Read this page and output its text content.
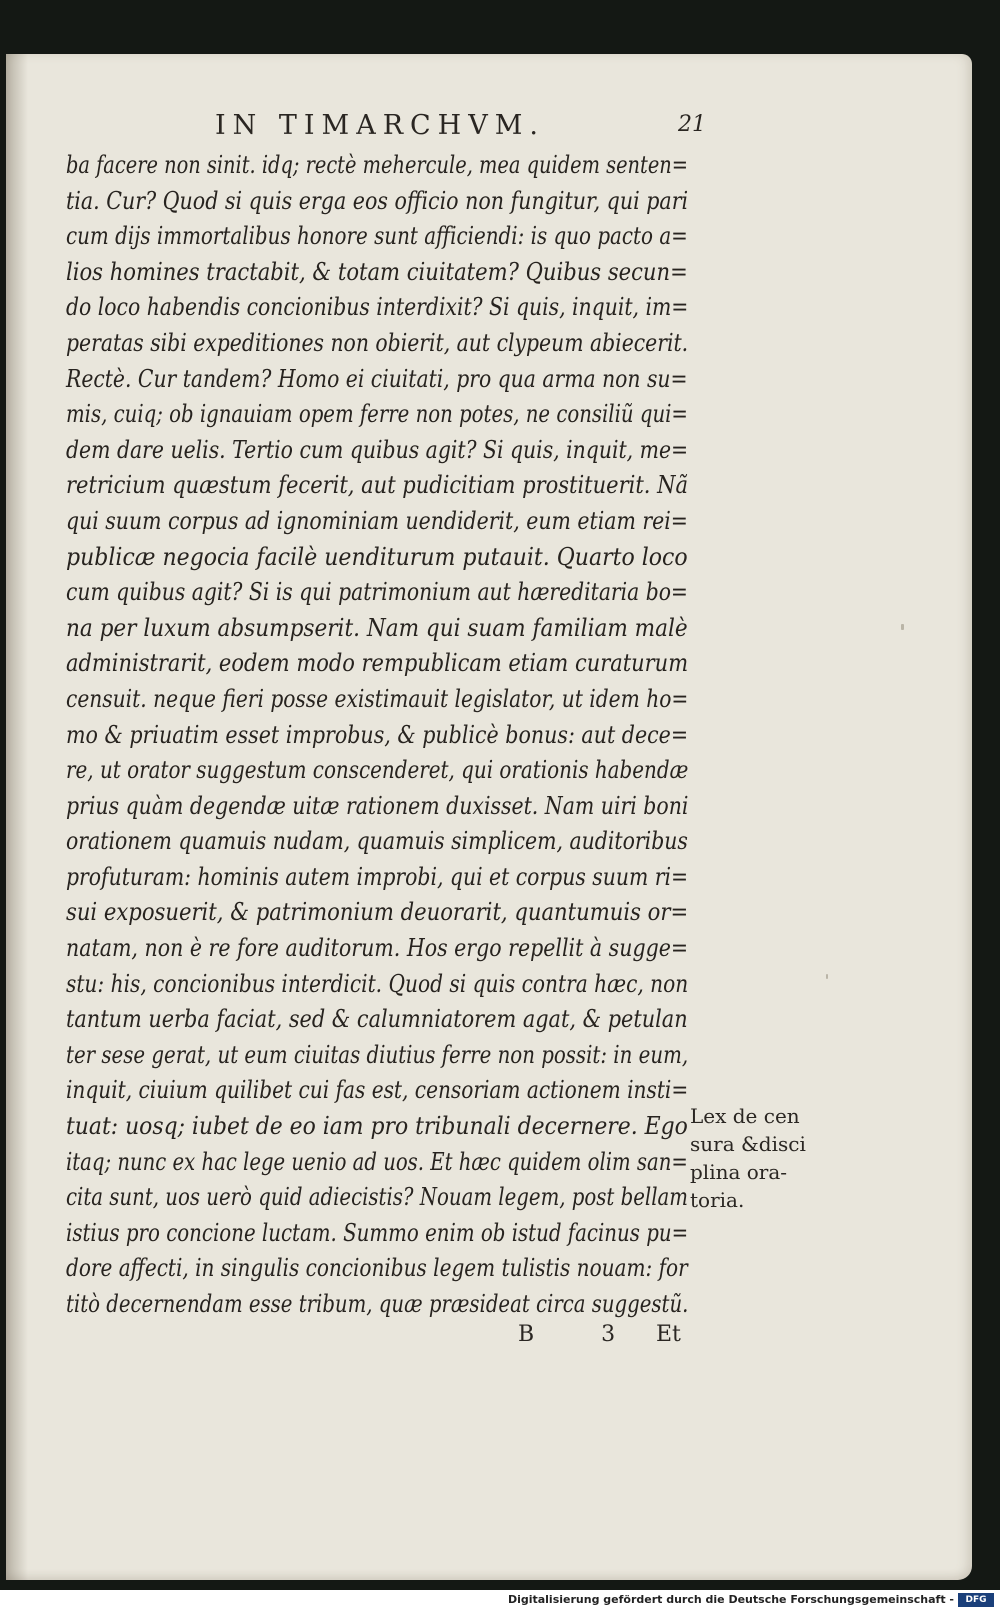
IN TIMARCHVM.	21
ba facere non sinit. idq; rectè mehercule, mea quidem senten=
tia. Cur? Quod si quis erga eos officio non fungitur, qui pari
cum dijs immortalibus honore sunt afficiendi: is quo pacto a=
lios homines tractabit, & totam ciuitatem? Quibus secun=
do loco habendis concionibus interdixit? Si quis, inquit, im=
peratas sibi expeditiones non obierit, aut clypeum abiecerit.
Rectè. Cur tandem? Homo ei ciuitati, pro qua arma non su=
mis, cuiq; ob ignauiam opem ferre non potes, ne consiliũ qui=
dem dare uelis. Tertio cum quibus agit? Si quis, inquit, me=
retricium quæstum fecerit, aut pudicitiam prostituerit. Nã
qui suum corpus ad ignominiam uendiderit, eum etiam rei=
publicæ negocia facilè uenditurum putauit. Quarto loco
cum quibus agit? Si is qui patrimonium aut hæreditaria bo=
na per luxum absumpserit. Nam qui suam familiam malè
administrarit, eodem modo rempublicam etiam curaturum
censuit. neque fieri posse existimauit legislator, ut idem ho=
mo & priuatim esset improbus, & publicè bonus: aut dece=
re, ut orator suggestum conscenderet, qui orationis habendæ
prius quàm degendæ uitæ rationem duxisset. Nam uiri boni
orationem quamuis nudam, quamuis simplicem, auditoribus
profuturam: hominis autem improbi, qui et corpus suum ri=
sui exposuerit, & patrimonium deuorarit, quantumuis or=
natam, non è re fore auditorum. Hos ergo repellit à sugge=
stu: his, concionibus interdicit. Quod si quis contra hæc, non
tantum uerba faciat, sed & calumniatorem agat, & petulan
ter sese gerat, ut eum ciuitas diutius ferre non possit: in eum,
inquit, ciuium quilibet cui fas est, censoriam actionem insti=
tuat: uosq; iubet de eo iam pro tribunali decernere. Ego
itaq; nunc ex hac lege uenio ad uos. Et hæc quidem olim san=
cita sunt, uos uerò quid adiecistis? Nouam legem, post bellam
istius pro concione luctam. Summo enim ob istud facinus pu=
dore affecti, in singulis concionibus legem tulistis nouam: for
titò decernendam esse tribum, quæ præsideat circa suggestũ.
Lex de cen
sura &disci
plina ora-
toria.
B 3 Et
Digitalisierung gefördert durch die Deutsche Forschungsgemeinschaft -	DFG
